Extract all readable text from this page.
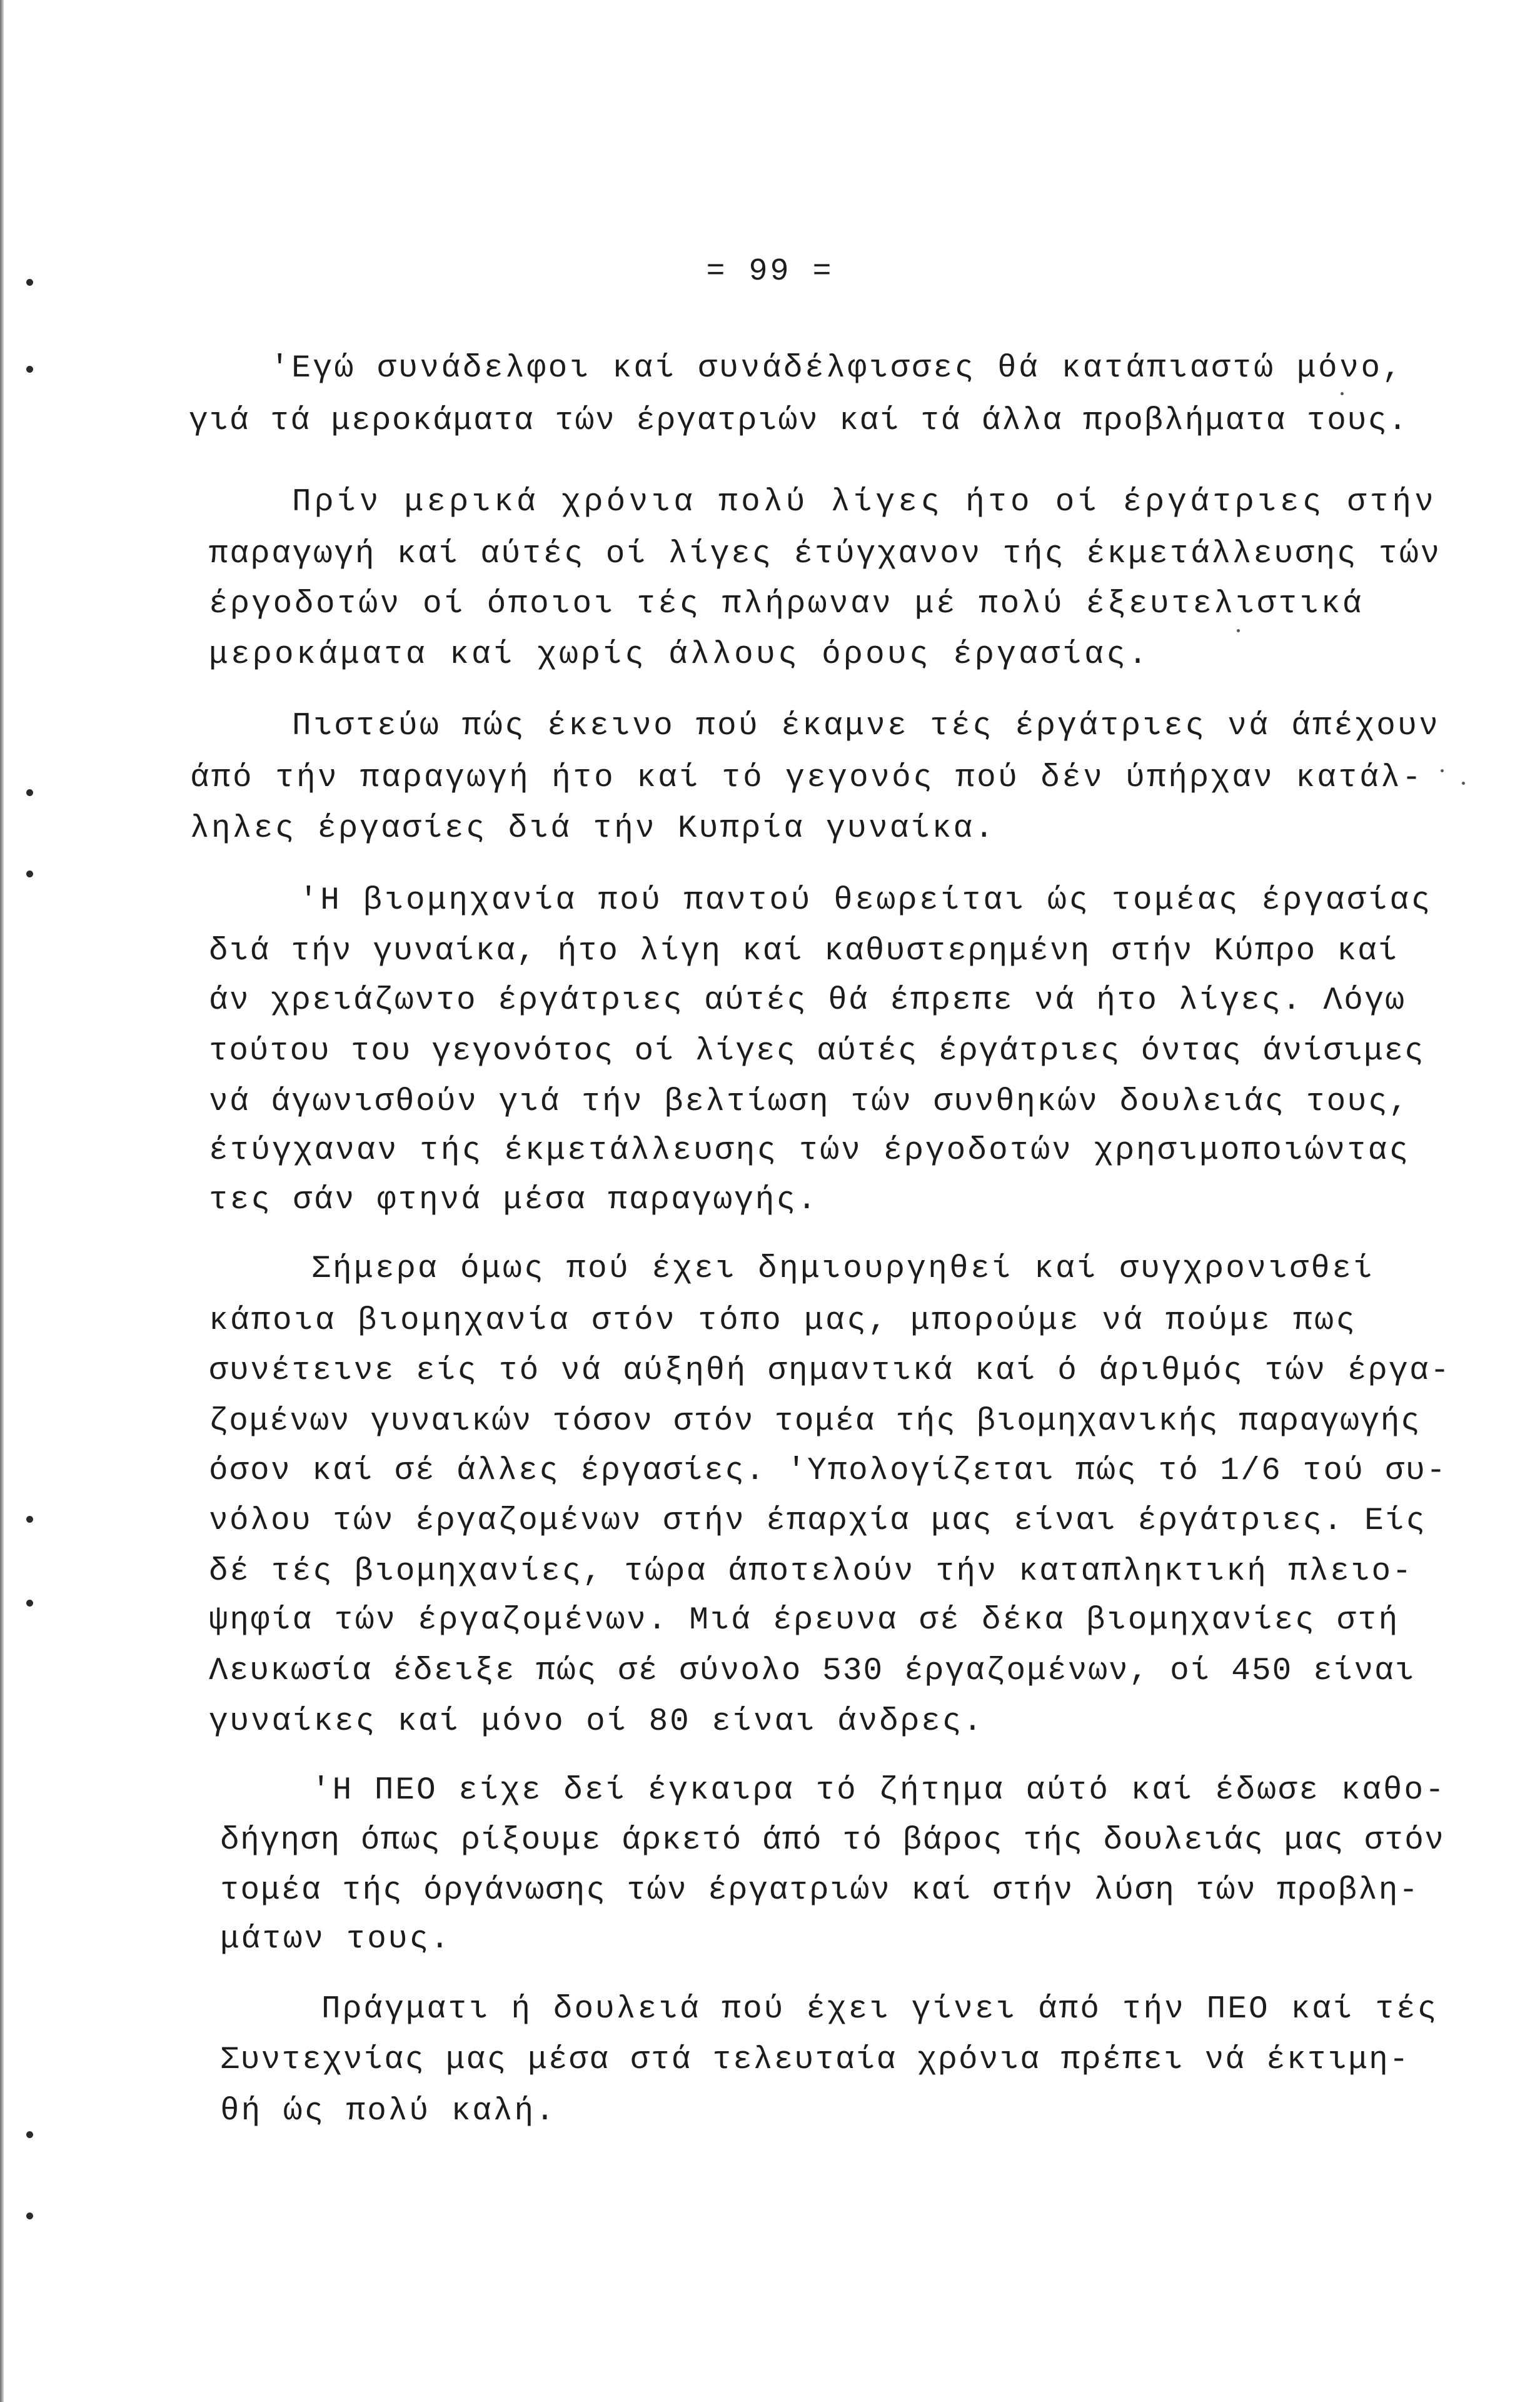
= 99 =
'Εγώ συνάδελφοι καί συνάδέλφισσες θά κατάπιαστώ μόνο,
γιά τά μεροκάματα τών έργατριών καί τά άλλα προβλήματα τους.
Πρίν μερικά χρόνια πολύ λίγες ήτο οί έργάτριες στήν
παραγωγή καί αύτές οί λίγες έτύγχανον τής έκμετάλλευσης τών
έργοδοτών οί όποιοι τές πλήρωναν μέ πολύ έξευτελιστικά
μεροκάματα καί χωρίς άλλους όρους έργασίας.
Πιστεύω πώς έκεινο πού έκαμνε τές έργάτριες νά άπέχουν
άπό τήν παραγωγή ήτο καί τό γεγονός πού δέν ύπήρχαν κατάλ-
ληλες έργασίες διά τήν Κυπρία γυναίκα.
'Η βιομηχανία πού παντού θεωρείται ώς τομέας έργασίας
διά τήν γυναίκα, ήτο λίγη καί καθυστερημένη στήν Κύπρο καί
άν χρειάζωντο έργάτριες αύτές θά έπρεπε νά ήτο λίγες. Λόγω
τούτου του γεγονότος οί λίγες αύτές έργάτριες όντας άνίσιμες
νά άγωνισθούν γιά τήν βελτίωση τών συνθηκών δουλειάς τους,
έτύγχαναν τής έκμετάλλευσης τών έργοδοτών χρησιμοποιώντας
τες σάν φτηνά μέσα παραγωγής.
Σήμερα όμως πού έχει δημιουργηθεί καί συγχρονισθεί
κάποια βιομηχανία στόν τόπο μας, μπορούμε νά πούμε πως
συνέτεινε είς τό νά αύξηθή σημαντικά καί ό άριθμός τών έργα-
ζομένων γυναικών τόσον στόν τομέα τής βιομηχανικής παραγωγής
όσον καί σέ άλλες έργασίες. 'Υπολογίζεται πώς τό 1/6 τού συ-
νόλου τών έργαζομένων στήν έπαρχία μας είναι έργάτριες. Είς
δέ τές βιομηχανίες, τώρα άποτελούν τήν καταπληκτική πλειο-
ψηφία τών έργαζομένων. Μιά έρευνα σέ δέκα βιομηχανίες στή
Λευκωσία έδειξε πώς σέ σύνολο 530 έργαζομένων, οί 450 είναι
γυναίκες καί μόνο οί 80 είναι άνδρες.
'Η ΠΕΟ είχε δεί έγκαιρα τό ζήτημα αύτό καί έδωσε καθο-
δήγηση όπως ρίξουμε άρκετό άπό τό βάρος τής δουλειάς μας στόν
τομέα τής όργάνωσης τών έργατριών καί στήν λύση τών προβλη-
μάτων τους.
Πράγματι ή δουλειά πού έχει γίνει άπό τήν ΠΕΟ καί τές
Συντεχνίας μας μέσα στά τελευταία χρόνια πρέπει νά έκτιμη-
θή ώς πολύ καλή.
